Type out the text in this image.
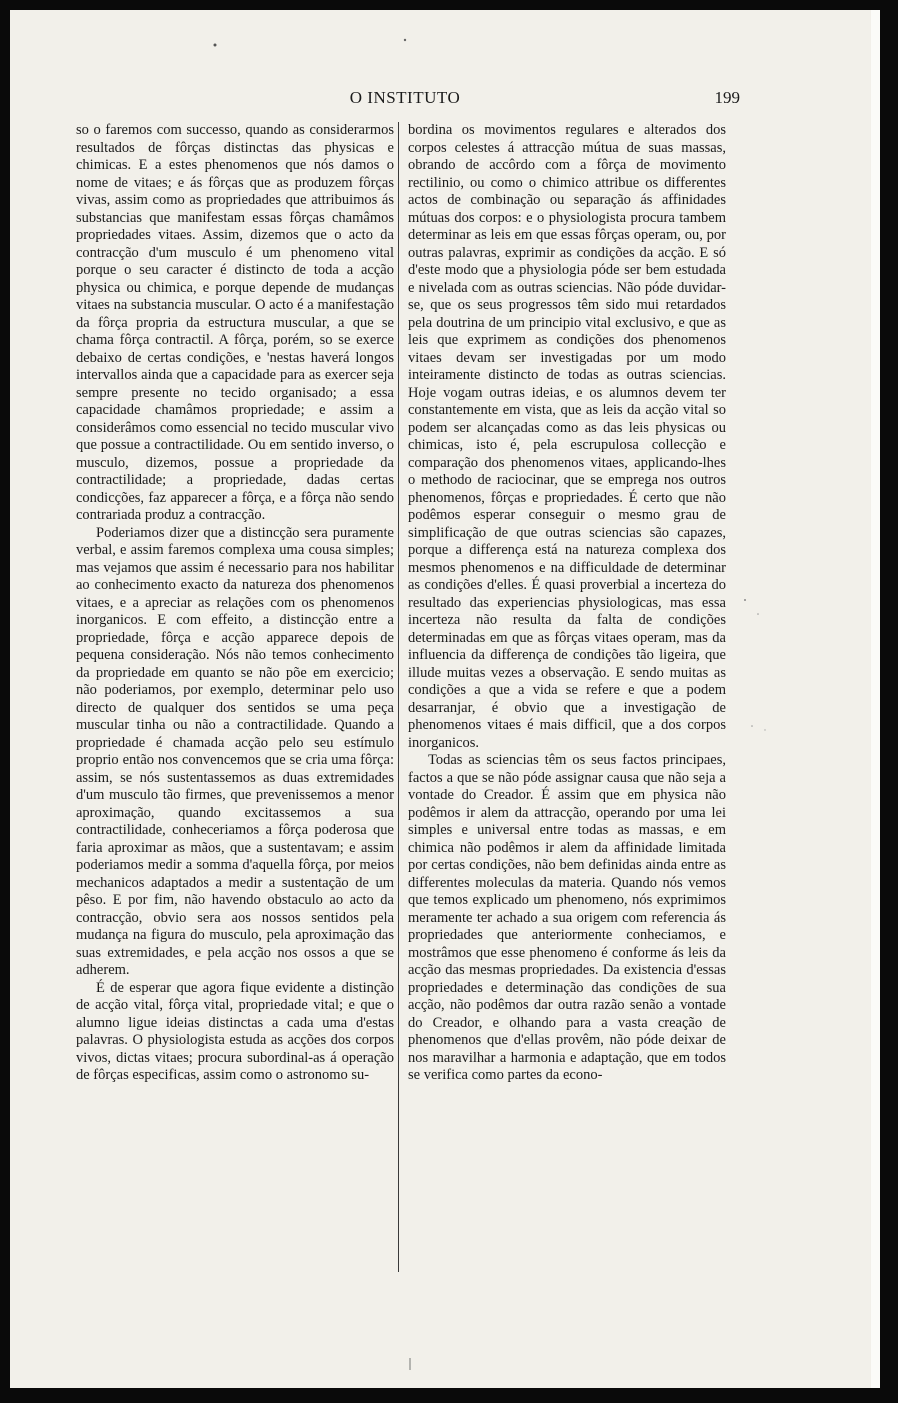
O INSTITUTO	199

so o faremos com successo, quando as considerarmos resultados de fôrças distinctas das physicas e chimicas. E a estes phenomenos que nós damos o nome de vitaes; e ás fôrças que as produzem fôrças vivas, assim como as propriedades que attribuimos ás substancias que manifestam essas fôrças chamâmos propriedades vitaes. Assim, dizemos que o acto da contracção d'um musculo é um phenomeno vital porque o seu caracter é distincto de toda a acção physica ou chimica, e porque depende de mudanças vitaes na substancia muscular. O acto é a manifestação da fôrça propria da estructura muscular, a que se chama fôrça contractil. A fôrça, porém, so se exerce debaixo de certas condições, e 'nestas haverá longos intervallos ainda que a capacidade para as exercer seja sempre presente no tecido organisado; a essa capacidade chamâmos propriedade; e assim a considerâmos como essencial no tecido muscular vivo que possue a contractilidade. Ou em sentido inverso, o musculo, dizemos, possue a propriedade da contractilidade; a propriedade, dadas certas condicções, faz apparecer a fôrça, e a fôrça não sendo contrariada produz a contracção.

Poderiamos dizer que a distincção sera puramente verbal, e assim faremos complexa uma cousa simples; mas vejamos que assim é necessario para nos habilitar ao conhecimento exacto da natureza dos phenomenos vitaes, e a apreciar as relações com os phenomenos inorganicos. E com effeito, a distincção entre a propriedade, fôrça e acção apparece depois de pequena consideração. Nós não temos conhecimento da propriedade em quanto se não põe em exercicio; não poderiamos, por exemplo, determinar pelo uso directo de qualquer dos sentidos se uma peça muscular tinha ou não a contractilidade. Quando a propriedade é chamada acção pelo seu estímulo proprio então nos convencemos que se cria uma fôrça: assim, se nós sustentassemos as duas extremidades d'um musculo tão firmes, que prevenissemos a menor aproximação, quando excitassemos a sua contractilidade, conheceriamos a fôrça poderosa que faria aproximar as mãos, que a sustentavam; e assim poderiamos medir a somma d'aquella fôrça, por meios mechanicos adaptados a medir a sustentação de um pêso. E por fim, não havendo obstaculo ao acto da contracção, obvio sera aos nossos sentidos pela mudança na figura do musculo, pela aproximação das suas extremidades, e pela acção nos ossos a que se adherem.

É de esperar que agora fique evidente a distinção de acção vital, fôrça vital, propriedade vital; e que o alumno ligue ideias distinctas a cada uma d'estas palavras. O physiologista estuda as acções dos corpos vivos, dictas vitaes; procura subordinal-as á operação de fôrças especificas, assim como o astronomo su-

bordina os movimentos regulares e alterados dos corpos celestes á attracção mútua de suas massas, obrando de accôrdo com a fôrça de movimento rectilinio, ou como o chimico attribue os differentes actos de combinação ou separação ás affinidades mútuas dos corpos: e o physiologista procura tambem determinar as leis em que essas fôrças operam, ou, por outras palavras, exprimir as condições da acção. E só d'este modo que a physiologia póde ser bem estudada e nivelada com as outras sciencias. Não póde duvidar-se, que os seus progressos têm sido mui retardados pela doutrina de um principio vital exclusivo, e que as leis que exprimem as condições dos phenomenos vitaes devam ser investigadas por um modo inteiramente distincto de todas as outras sciencias. Hoje vogam outras ideias, e os alumnos devem ter constantemente em vista, que as leis da acção vital so podem ser alcançadas como as das leis physicas ou chimicas, isto é, pela escrupulosa collecção e comparação dos phenomenos vitaes, applicando-lhes o methodo de raciocinar, que se emprega nos outros phenomenos, fôrças e propriedades. É certo que não podêmos esperar conseguir o mesmo grau de simplificação de que outras sciencias são capazes, porque a differença está na natureza complexa dos mesmos phenomenos e na difficuldade de determinar as condições d'elles. É quasi proverbial a incerteza do resultado das experiencias physiologicas, mas essa incerteza não resulta da falta de condições determinadas em que as fôrças vitaes operam, mas da influencia da differença de condições tão ligeira, que illude muitas vezes a observação. E sendo muitas as condições a que a vida se refere e que a podem desarranjar, é obvio que a investigação de phenomenos vitaes é mais difficil, que a dos corpos inorganicos.

Todas as sciencias têm os seus factos principaes, factos a que se não póde assignar causa que não seja a vontade do Creador. É assim que em physica não podêmos ir alem da attracção, operando por uma lei simples e universal entre todas as massas, e em chimica não podêmos ir alem da affinidade limitada por certas condições, não bem definidas ainda entre as differentes moleculas da materia. Quando nós vemos que temos explicado um phenomeno, nós exprimimos meramente ter achado a sua origem com referencia ás propriedades que anteriormente conheciamos, e mostrâmos que esse phenomeno é conforme ás leis da acção das mesmas propriedades. Da existencia d'essas propriedades e determinação das condições de sua acção, não podêmos dar outra razão senão a vontade do Creador, e olhando para a vasta creação de phenomenos que d'ellas provêm, não póde deixar de nos maravilhar a harmonia e adaptação, que em todos se verifica como partes da econo-
